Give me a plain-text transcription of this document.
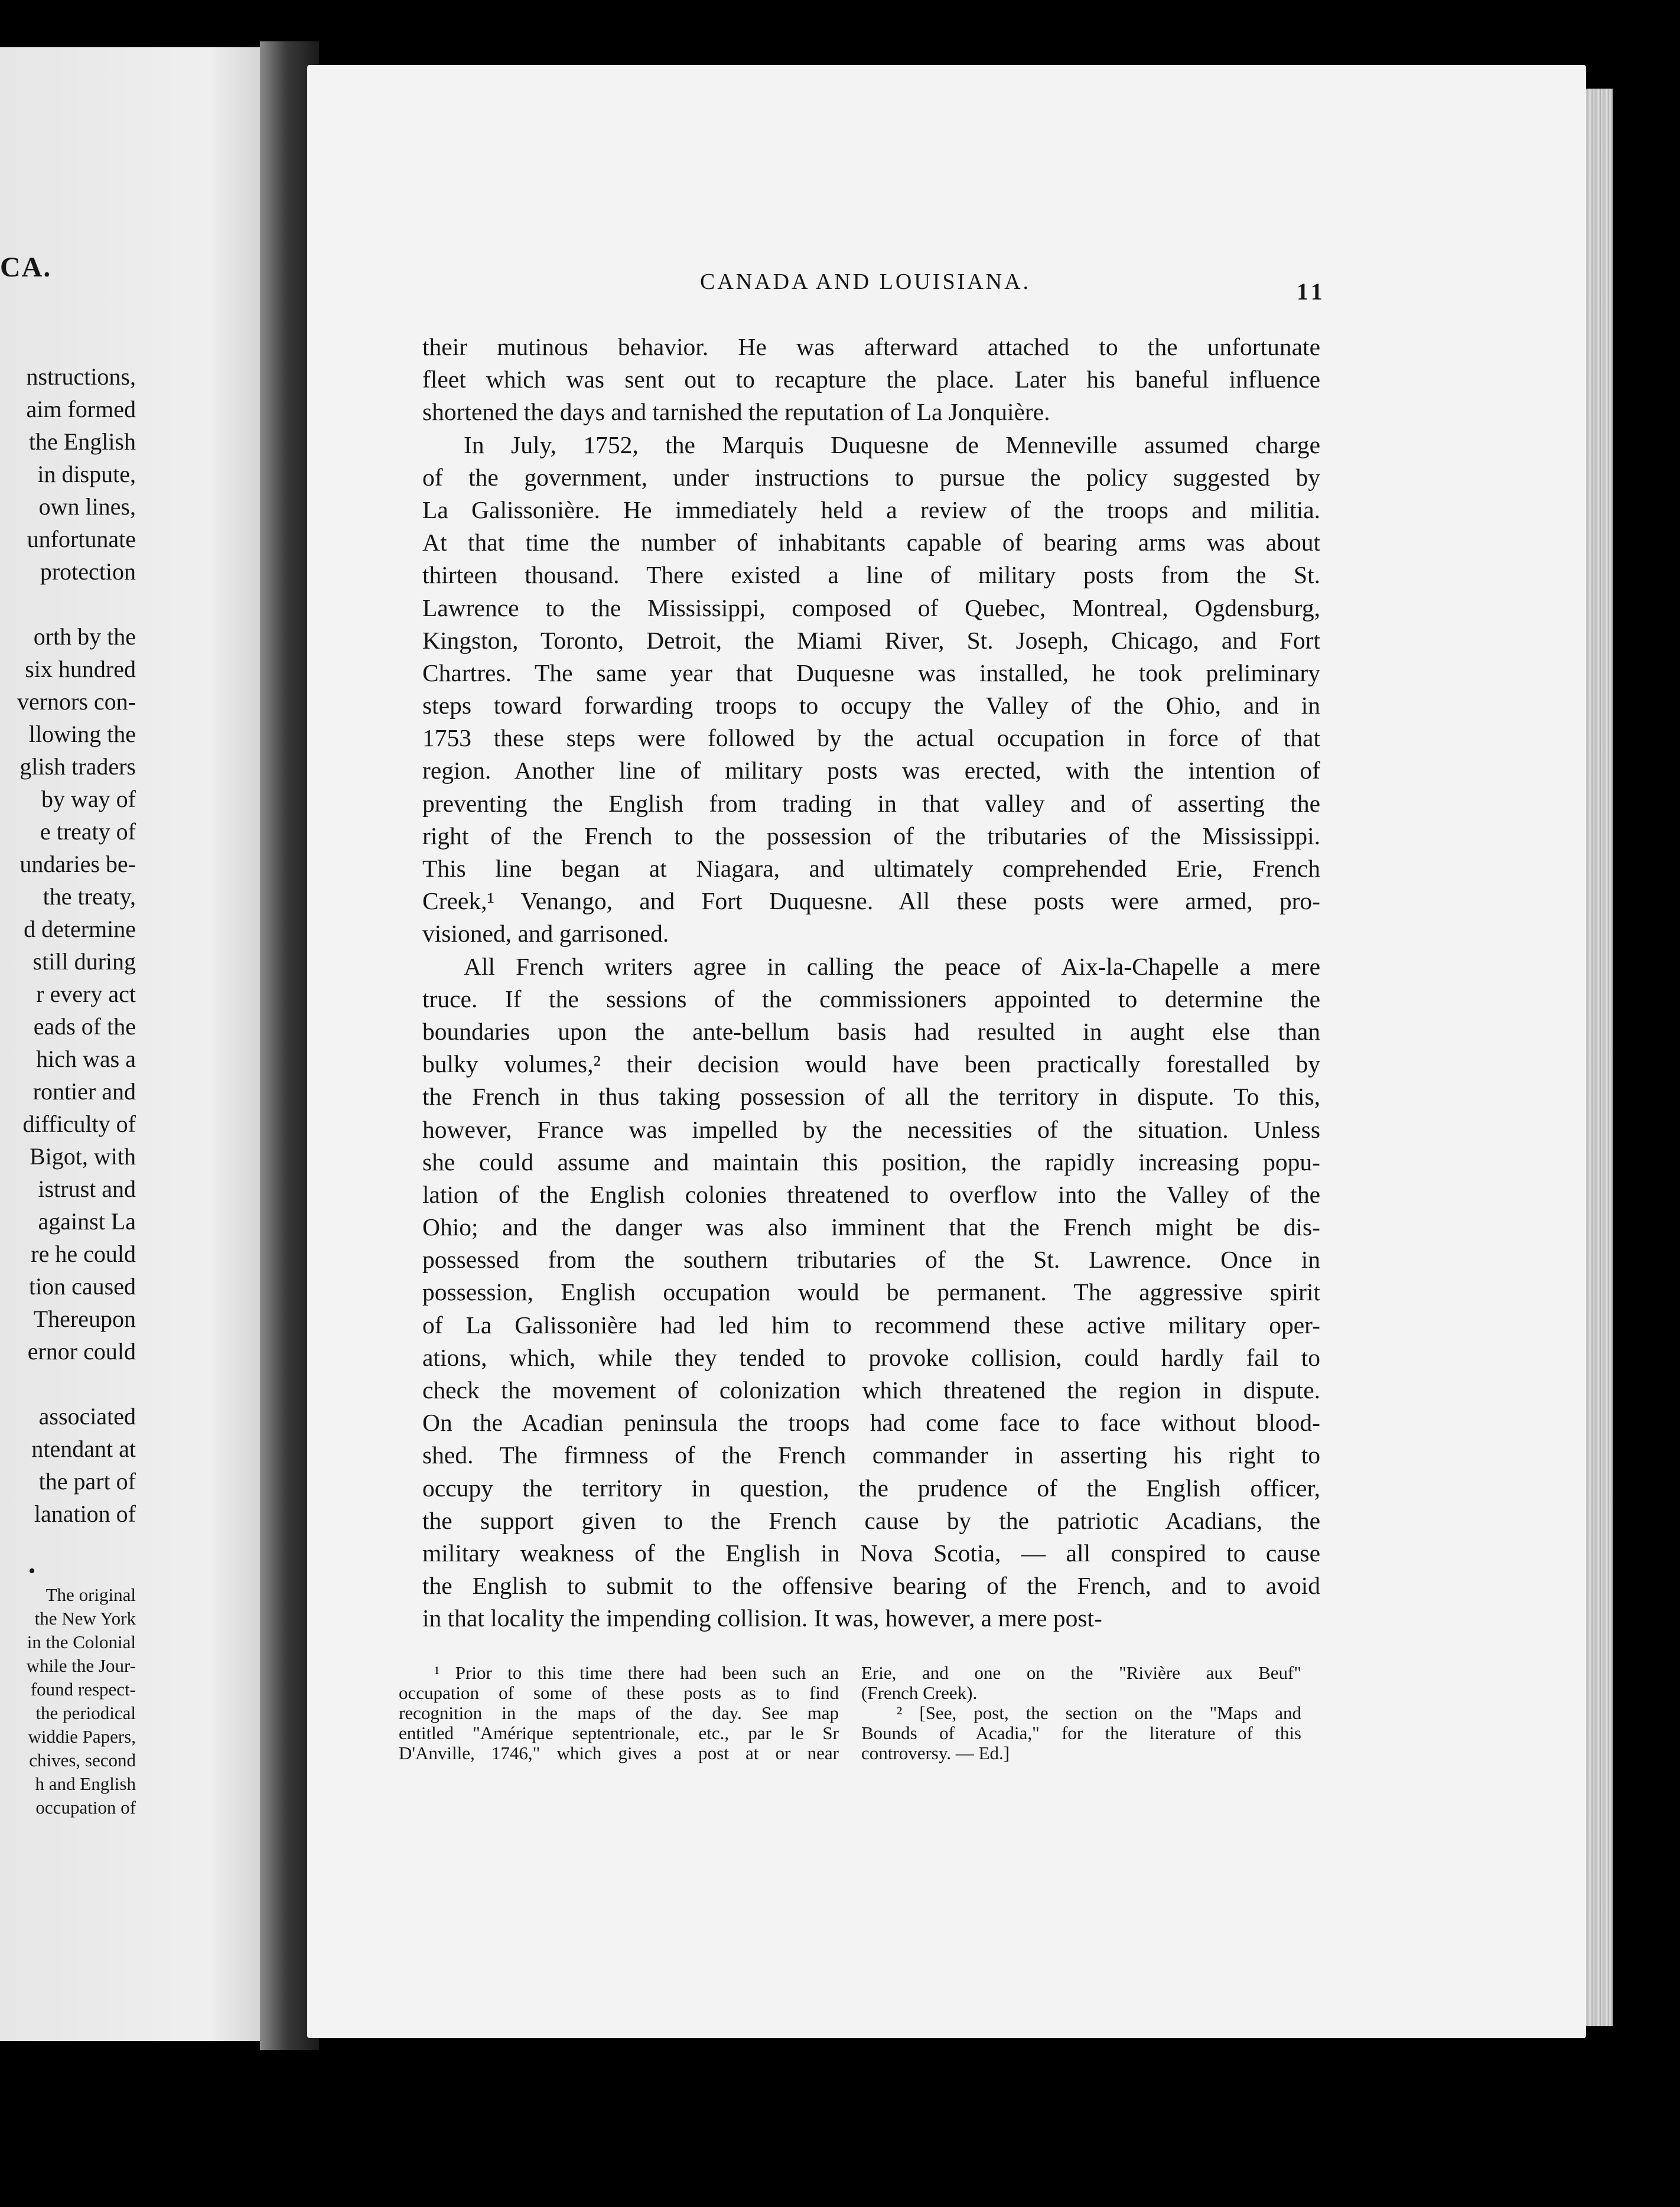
CA.
nstructions,
aim formed
the English
in dispute,
own lines,
unfortunate
protection
orth by the
six hundred
vernors con-
llowing the
glish traders
by way of
e treaty of
undaries be-
the treaty,
d determine
still during
r every act
eads of the
hich was a
rontier and
difficulty of
Bigot, with
istrust and
against La
re he could
tion caused
Thereupon
ernor could
associated
ntendant at
the part of
lanation of
•
The original
the New York
in the Colonial
while the Jour-
found respect-
the periodical
widdie Papers,
chives, second
h and English
occupation of
CANADA AND LOUISIANA.	11
their mutinous behavior. He was afterward attached to the unfortunate
fleet which was sent out to recapture the place. Later his baneful influence
shortened the days and tarnished the reputation of La Jonquière.
In July, 1752, the Marquis Duquesne de Menneville assumed charge
of the government, under instructions to pursue the policy suggested by
La Galissonière. He immediately held a review of the troops and militia.
At that time the number of inhabitants capable of bearing arms was about
thirteen thousand. There existed a line of military posts from the St.
Lawrence to the Mississippi, composed of Quebec, Montreal, Ogdensburg,
Kingston, Toronto, Detroit, the Miami River, St. Joseph, Chicago, and Fort
Chartres. The same year that Duquesne was installed, he took preliminary
steps toward forwarding troops to occupy the Valley of the Ohio, and in
1753 these steps were followed by the actual occupation in force of that
region. Another line of military posts was erected, with the intention of
preventing the English from trading in that valley and of asserting the
right of the French to the possession of the tributaries of the Mississippi.
This line began at Niagara, and ultimately comprehended Erie, French
Creek,¹ Venango, and Fort Duquesne. All these posts were armed, pro-
visioned, and garrisoned.
All French writers agree in calling the peace of Aix-la-Chapelle a mere
truce. If the sessions of the commissioners appointed to determine the
boundaries upon the ante-bellum basis had resulted in aught else than
bulky volumes,² their decision would have been practically forestalled by
the French in thus taking possession of all the territory in dispute. To this,
however, France was impelled by the necessities of the situation. Unless
she could assume and maintain this position, the rapidly increasing popu-
lation of the English colonies threatened to overflow into the Valley of the
Ohio; and the danger was also imminent that the French might be dis-
possessed from the southern tributaries of the St. Lawrence. Once in
possession, English occupation would be permanent. The aggressive spirit
of La Galissonière had led him to recommend these active military oper-
ations, which, while they tended to provoke collision, could hardly fail to
check the movement of colonization which threatened the region in dispute.
On the Acadian peninsula the troops had come face to face without blood-
shed. The firmness of the French commander in asserting his right to
occupy the territory in question, the prudence of the English officer,
the support given to the French cause by the patriotic Acadians, the
military weakness of the English in Nova Scotia, — all conspired to cause
the English to submit to the offensive bearing of the French, and to avoid
in that locality the impending collision. It was, however, a mere post-
¹ Prior to this time there had been such an
occupation of some of these posts as to find
recognition in the maps of the day. See map
entitled "Amérique septentrionale, etc., par le Sr
D'Anville, 1746," which gives a post at or near
Erie, and one on the "Rivière aux Beuf"
(French Creek).
² [See, post, the section on the "Maps and
Bounds of Acadia," for the literature of this
controversy. — Ed.]
